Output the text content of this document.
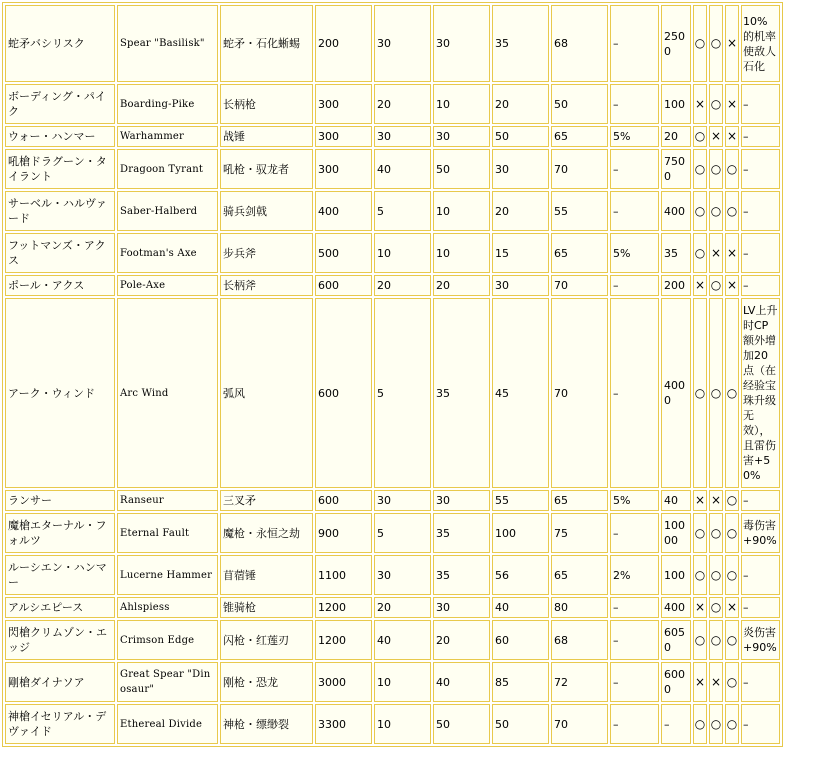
蛇矛バシリスク	Spear "Basilisk"	蛇矛・石化蜥蜴	200	30	30	35	68	–	2500	○	○	×	10%的机率使敌人石化
ボーディング・パイク	Boarding-Pike	长柄枪	300	20	10	20	50	–	100	×	○	×	–
ウォー・ハンマー	Warhammer	战锤	300	30	30	50	65	5%	20	○	×	×	–
吼槍ドラグーン・タイラント	Dragoon Tyrant	吼枪・驭龙者	300	40	50	30	70	–	7500	○	○	○	–
サーベル・ハルヴァード	Saber-Halberd	骑兵剑戟	400	5	10	20	55	–	400	○	○	○	–
フットマンズ・アクス	Footman's Axe	步兵斧	500	10	10	15	65	5%	35	○	×	×	–
ポール・アクス	Pole-Axe	长柄斧	600	20	20	30	70	–	200	×	○	×	–
アーク・ウィンド	Arc Wind	弧风	600	5	35	45	70	–	4000	○	○	○	LV上升时CP额外增加20点（在经验宝珠升级无效），且雷伤害+50%
ランサー	Ranseur	三叉矛	600	30	30	55	65	5%	40	×	×	○	–
魔槍エターナル・フォルツ	Eternal Fault	魔枪・永恒之劫	900	5	35	100	75	–	10000	○	○	○	毒伤害+90%
ルーシエン・ハンマー	Lucerne Hammer	苜蓿锤	1100	30	35	56	65	2%	100	○	○	○	–
アルシエピース	Ahlspiess	锥骑枪	1200	20	30	40	80	–	400	×	○	×	–
閃槍クリムゾン・エッジ	Crimson Edge	闪枪・红莲刃	1200	40	20	60	68	–	6050	○	○	○	炎伤害+90%
剛槍ダイナソア	Great Spear "Dinosaur"	刚枪・恐龙	3000	10	40	85	72	–	6000	×	×	○	–
神槍イセリアル・デヴァイド	Ethereal Divide	神枪・缥缈裂	3300	10	50	50	70	–	–	○	○	○	–
